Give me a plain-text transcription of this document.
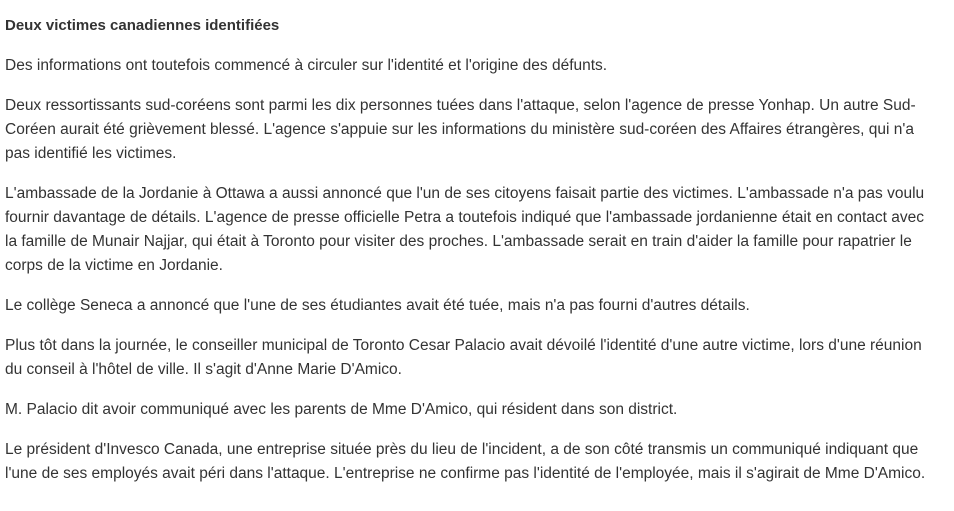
Deux victimes canadiennes identifiées

Des informations ont toutefois commencé à circuler sur l'identité et l'origine des défunts.

Deux ressortissants sud-coréens sont parmi les dix personnes tuées dans l'attaque, selon l'agence de presse Yonhap. Un autre Sud-Coréen aurait été grièvement blessé. L'agence s'appuie sur les informations du ministère sud-coréen des Affaires étrangères, qui n'a pas identifié les victimes.

L'ambassade de la Jordanie à Ottawa a aussi annoncé que l'un de ses citoyens faisait partie des victimes. L'ambassade n'a pas voulu fournir davantage de détails. L'agence de presse officielle Petra a toutefois indiqué que l'ambassade jordanienne était en contact avec la famille de Munair Najjar, qui était à Toronto pour visiter des proches. L'ambassade serait en train d'aider la famille pour rapatrier le corps de la victime en Jordanie.

Le collège Seneca a annoncé que l'une de ses étudiantes avait été tuée, mais n'a pas fourni d'autres détails.

Plus tôt dans la journée, le conseiller municipal de Toronto Cesar Palacio avait dévoilé l'identité d'une autre victime, lors d'une réunion du conseil à l'hôtel de ville. Il s'agit d'Anne Marie D'Amico.

M. Palacio dit avoir communiqué avec les parents de Mme D'Amico, qui résident dans son district.

Le président d'Invesco Canada, une entreprise située près du lieu de l'incident, a de son côté transmis un communiqué indiquant que l'une de ses employés avait péri dans l'attaque. L'entreprise ne confirme pas l'identité de l'employée, mais il s'agirait de Mme D'Amico.
